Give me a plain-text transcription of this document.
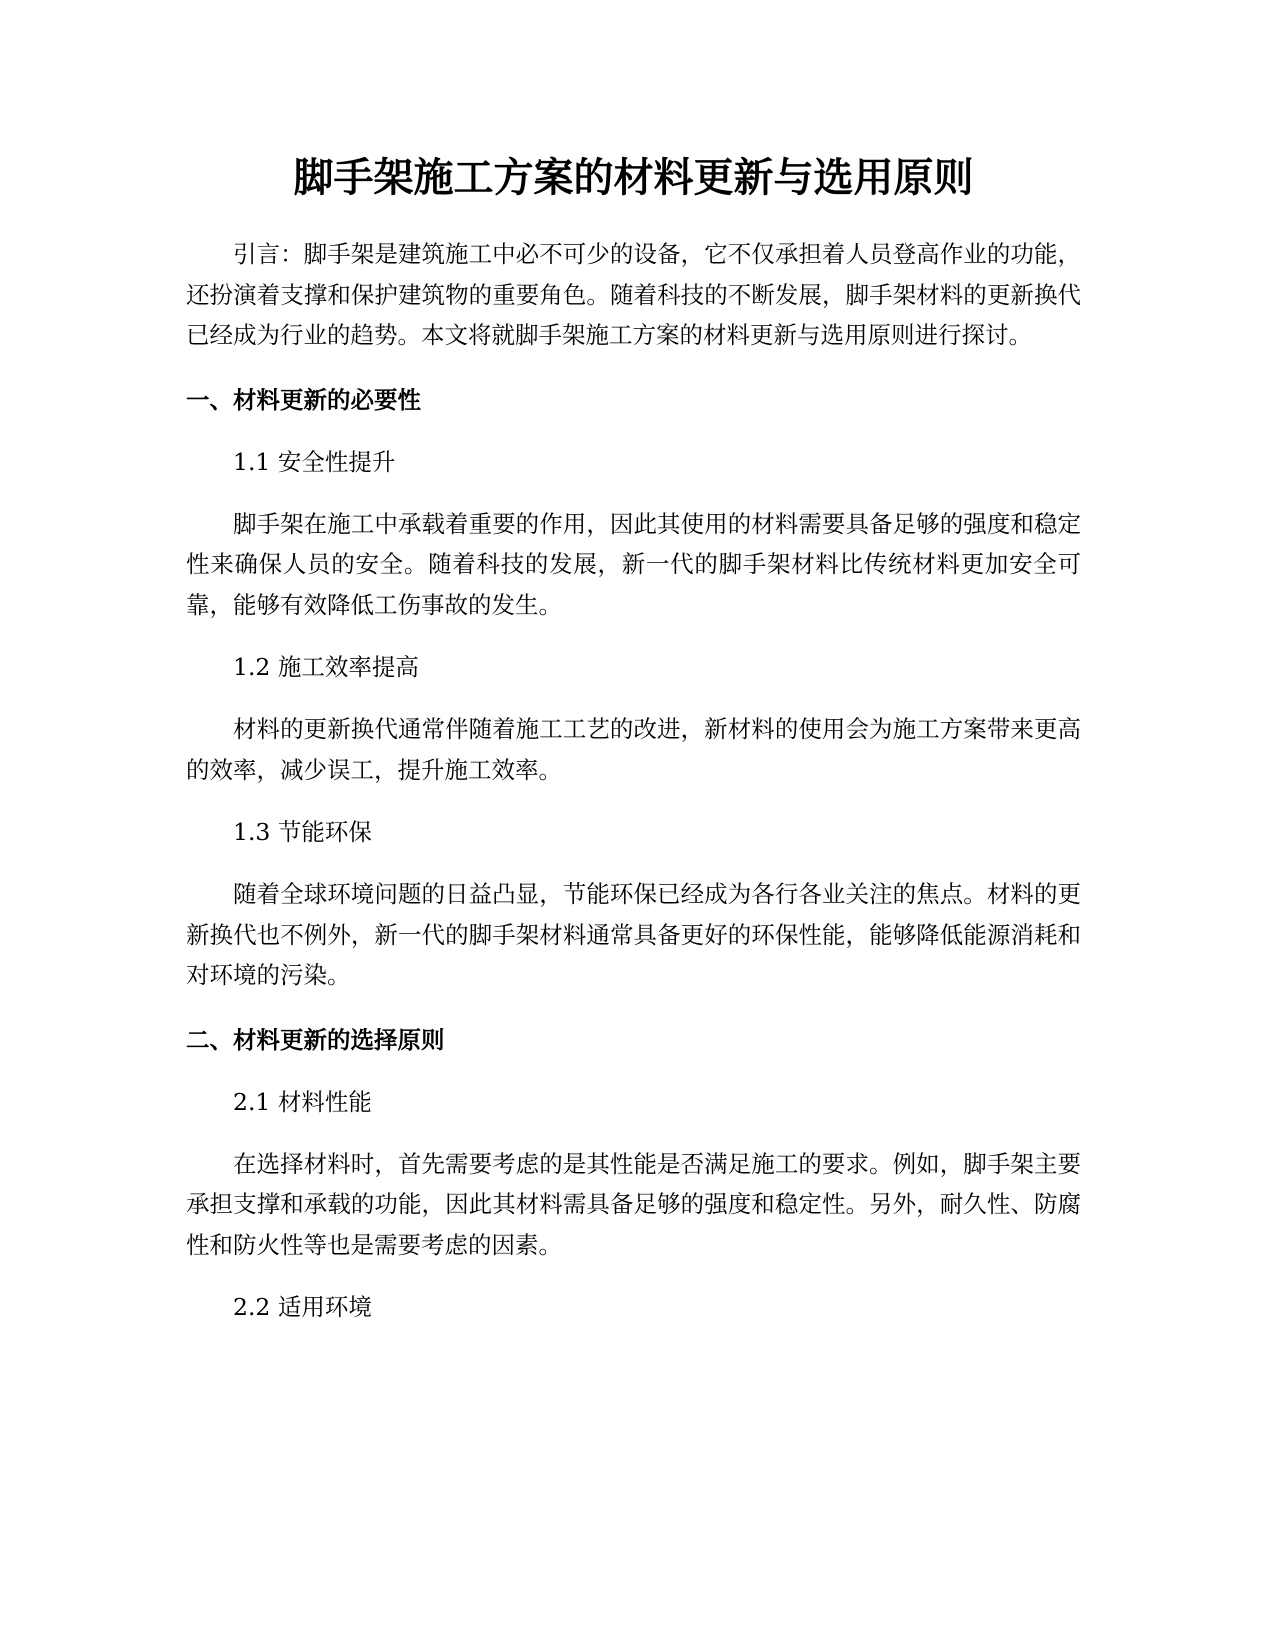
脚手架施工方案的材料更新与选用原则

引言：脚手架是建筑施工中必不可少的设备，它不仅承担着人员登高作业的功能，还扮演着支撑和保护建筑物的重要角色。随着科技的不断发展，脚手架材料的更新换代已经成为行业的趋势。本文将就脚手架施工方案的材料更新与选用原则进行探讨。

一、材料更新的必要性

1.1 安全性提升

脚手架在施工中承载着重要的作用，因此其使用的材料需要具备足够的强度和稳定性来确保人员的安全。随着科技的发展，新一代的脚手架材料比传统材料更加安全可靠，能够有效降低工伤事故的发生。

1.2 施工效率提高

材料的更新换代通常伴随着施工工艺的改进，新材料的使用会为施工方案带来更高的效率，减少误工，提升施工效率。

1.3 节能环保

随着全球环境问题的日益凸显，节能环保已经成为各行各业关注的焦点。材料的更新换代也不例外，新一代的脚手架材料通常具备更好的环保性能，能够降低能源消耗和对环境的污染。

二、材料更新的选择原则

2.1 材料性能

在选择材料时，首先需要考虑的是其性能是否满足施工的要求。例如，脚手架主要承担支撑和承载的功能，因此其材料需具备足够的强度和稳定性。另外，耐久性、防腐性和防火性等也是需要考虑的因素。

2.2 适用环境
